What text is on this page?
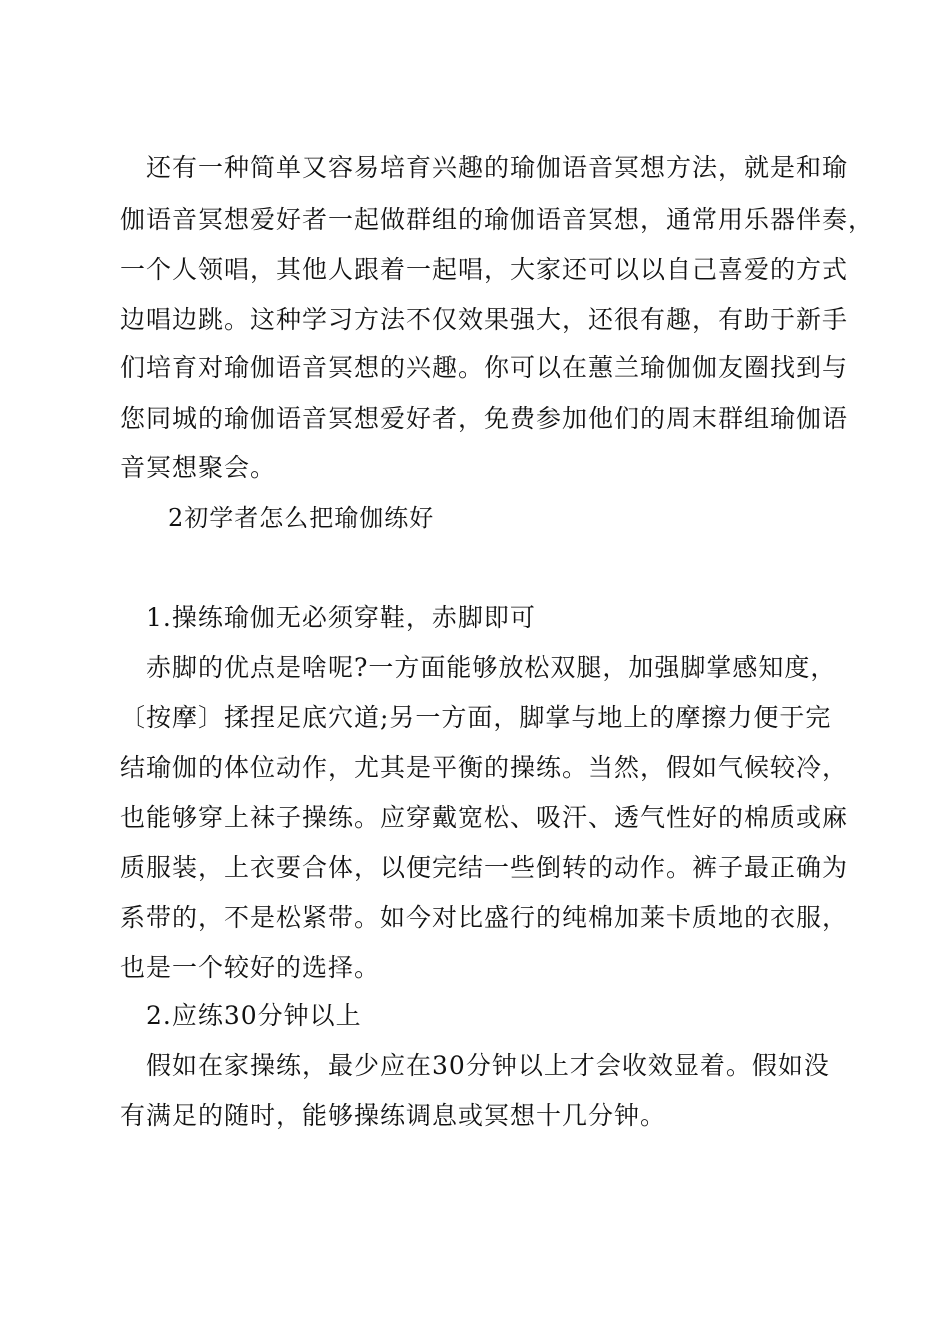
　还有一种简单又容易培育兴趣的瑜伽语音冥想方法，就是和瑜

伽语音冥想爱好者一起做群组的瑜伽语音冥想，通常用乐器伴奏，

一个人领唱，其他人跟着一起唱，大家还可以以自己喜爱的方式

边唱边跳。这种学习方法不仅效果强大，还很有趣，有助于新手

们培育对瑜伽语音冥想的兴趣。你可以在蕙兰瑜伽伽友圈找到与

您同城的瑜伽语音冥想爱好者，免费参加他们的周末群组瑜伽语

音冥想聚会。

2初学者怎么把瑜伽练好

1.操练瑜伽无必须穿鞋，赤脚即可

　赤脚的优点是啥呢?一方面能够放松双腿，加强脚掌感知度，

〔按摩〕揉捏足底穴道;另一方面，脚掌与地上的摩擦力便于完

结瑜伽的体位动作，尤其是平衡的操练。当然，假如气候较冷，

也能够穿上袜子操练。应穿戴宽松、吸汗、透气性好的棉质或麻

质服装，上衣要合体，以便完结一些倒转的动作。裤子最正确为

系带的，不是松紧带。如今对比盛行的纯棉加莱卡质地的衣服，

也是一个较好的选择。

2.应练30分钟以上

　假如在家操练，最少应在30分钟以上才会收效显着。假如没

有满足的随时，能够操练调息或冥想十几分钟。
